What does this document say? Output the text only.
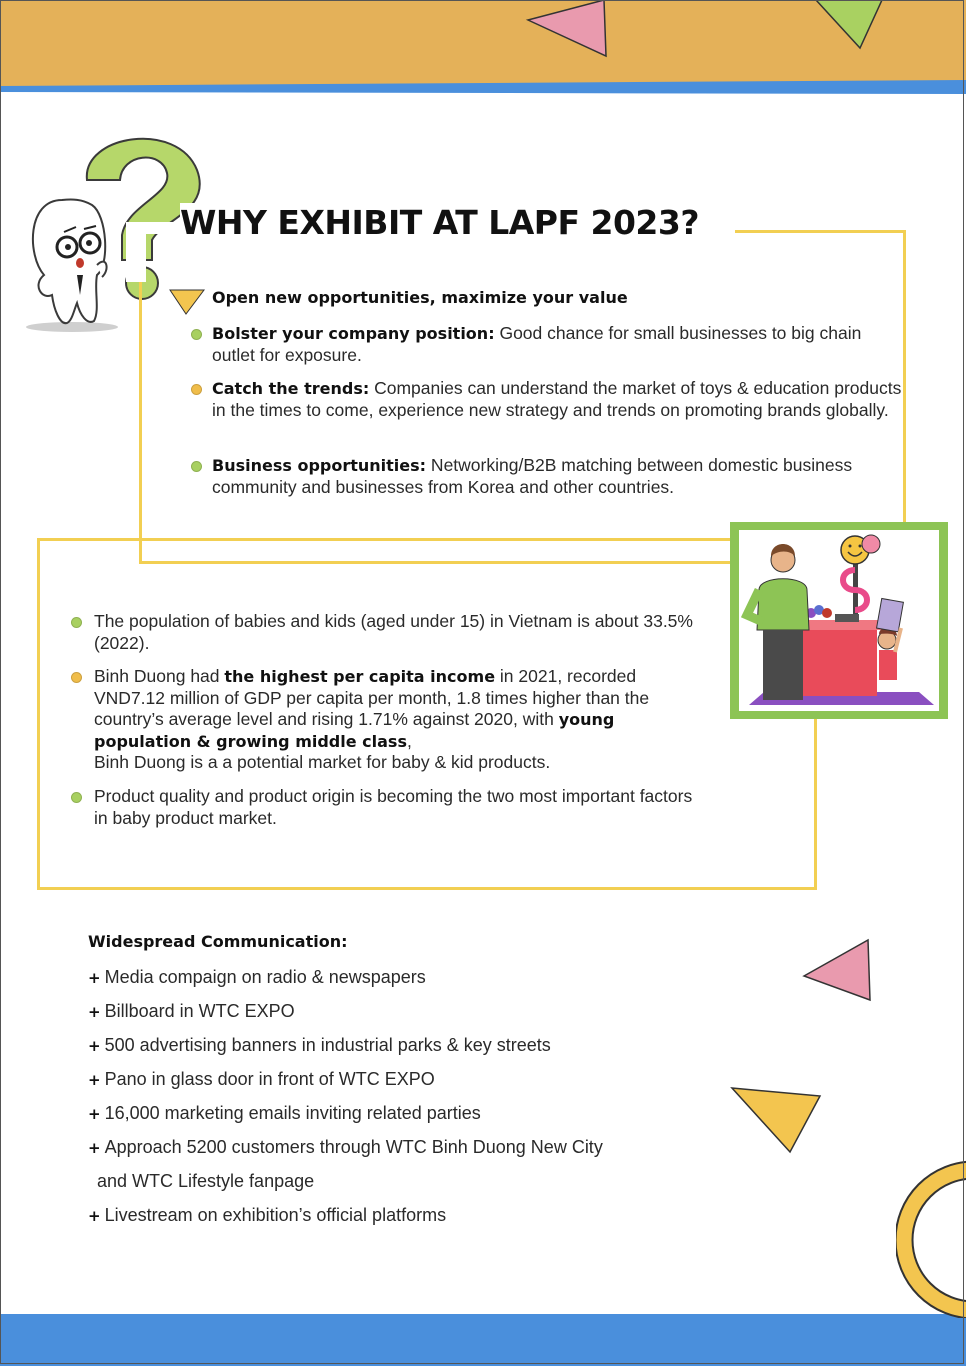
WHY EXHIBIT AT LAPF 2023?
Open new opportunities, maximize your value
Bolster your company position: Good chance for small businesses to big chain outlet for exposure.
Catch the trends: Companies can understand the market of toys & education products in the times to come, experience new strategy and trends on promoting brands globally.
Business opportunities: Networking/B2B matching between domestic business community and businesses from Korea and other countries.
The population of babies and kids (aged under 15) in Vietnam is about 33.5% (2022).
Binh Duong had the highest per capita income in 2021, recorded VND7.12 million of GDP per capita per month, 1.8 times higher than the country’s average level and rising 1.71% against 2020, with young population & growing middle class,
Binh Duong is a a potential market for baby & kid products.
Product quality and product origin is becoming the two most important factors in baby product market.
Widespread Communication:
+ Media compaign on radio & newspapers
+ Billboard in WTC EXPO
+ 500 advertising banners in industrial parks & key streets
+ Pano in glass door in front of WTC EXPO
+ 16,000 marketing emails inviting related parties
+ Approach 5200 customers through WTC Binh Duong New City
and WTC Lifestyle fanpage
+ Livestream on exhibition’s official platforms
